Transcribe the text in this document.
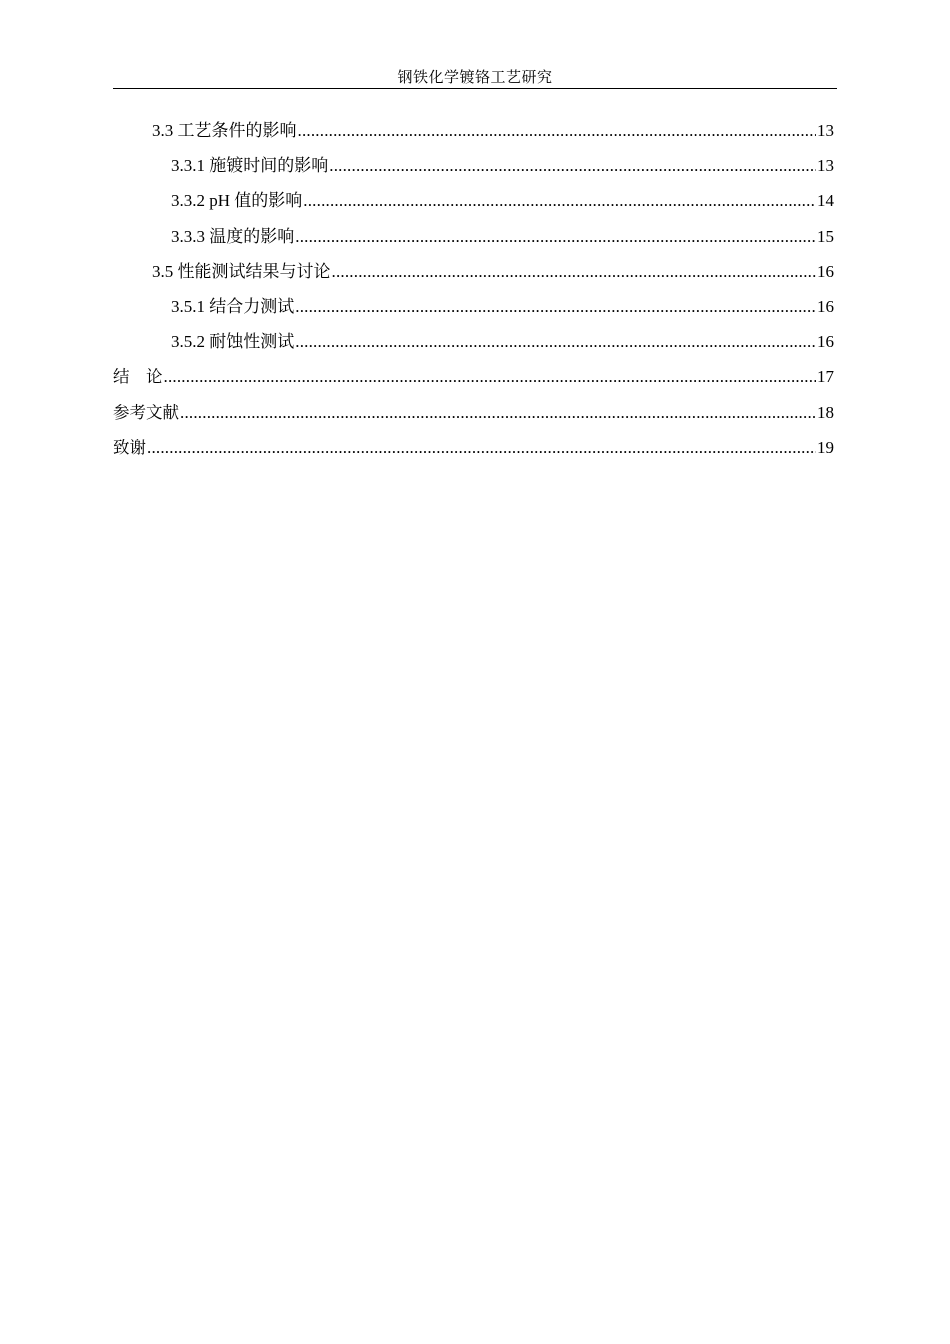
钢铁化学镀铬工艺研究
3.3 工艺条件的影响 .....	13
3.3.1 施镀时间的影响 .....	13
3.3.2 pH 值的影响 .....	14
3.3.3 温度的影响 .....	15
3.5 性能测试结果与讨论 .....	16
3.5.1 结合力测试 .....	16
3.5.2 耐蚀性测试 .....	16
结　论 .....	17
参考文献 .....	18
致谢 .....	19
